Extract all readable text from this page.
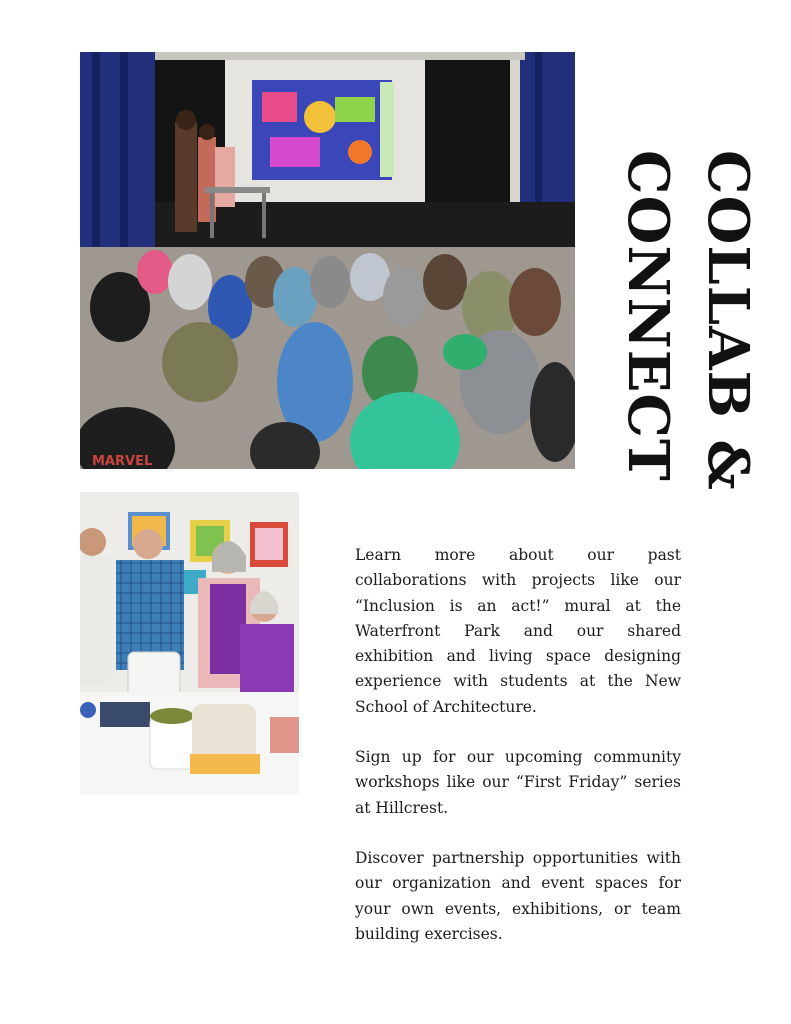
MARVEL	COLLAB &
CONNECT

Learn more about our past collaborations with projects like our “Inclusion is an act!” mural at the Waterfront Park and our shared exhibition and living space designing experience with students at the New School of Architecture.

Sign up for our upcoming community workshops like our “First Friday” series at Hillcrest.

Discover partnership opportunities with our organization and event spaces for your own events, exhibitions, or team building exercises.
